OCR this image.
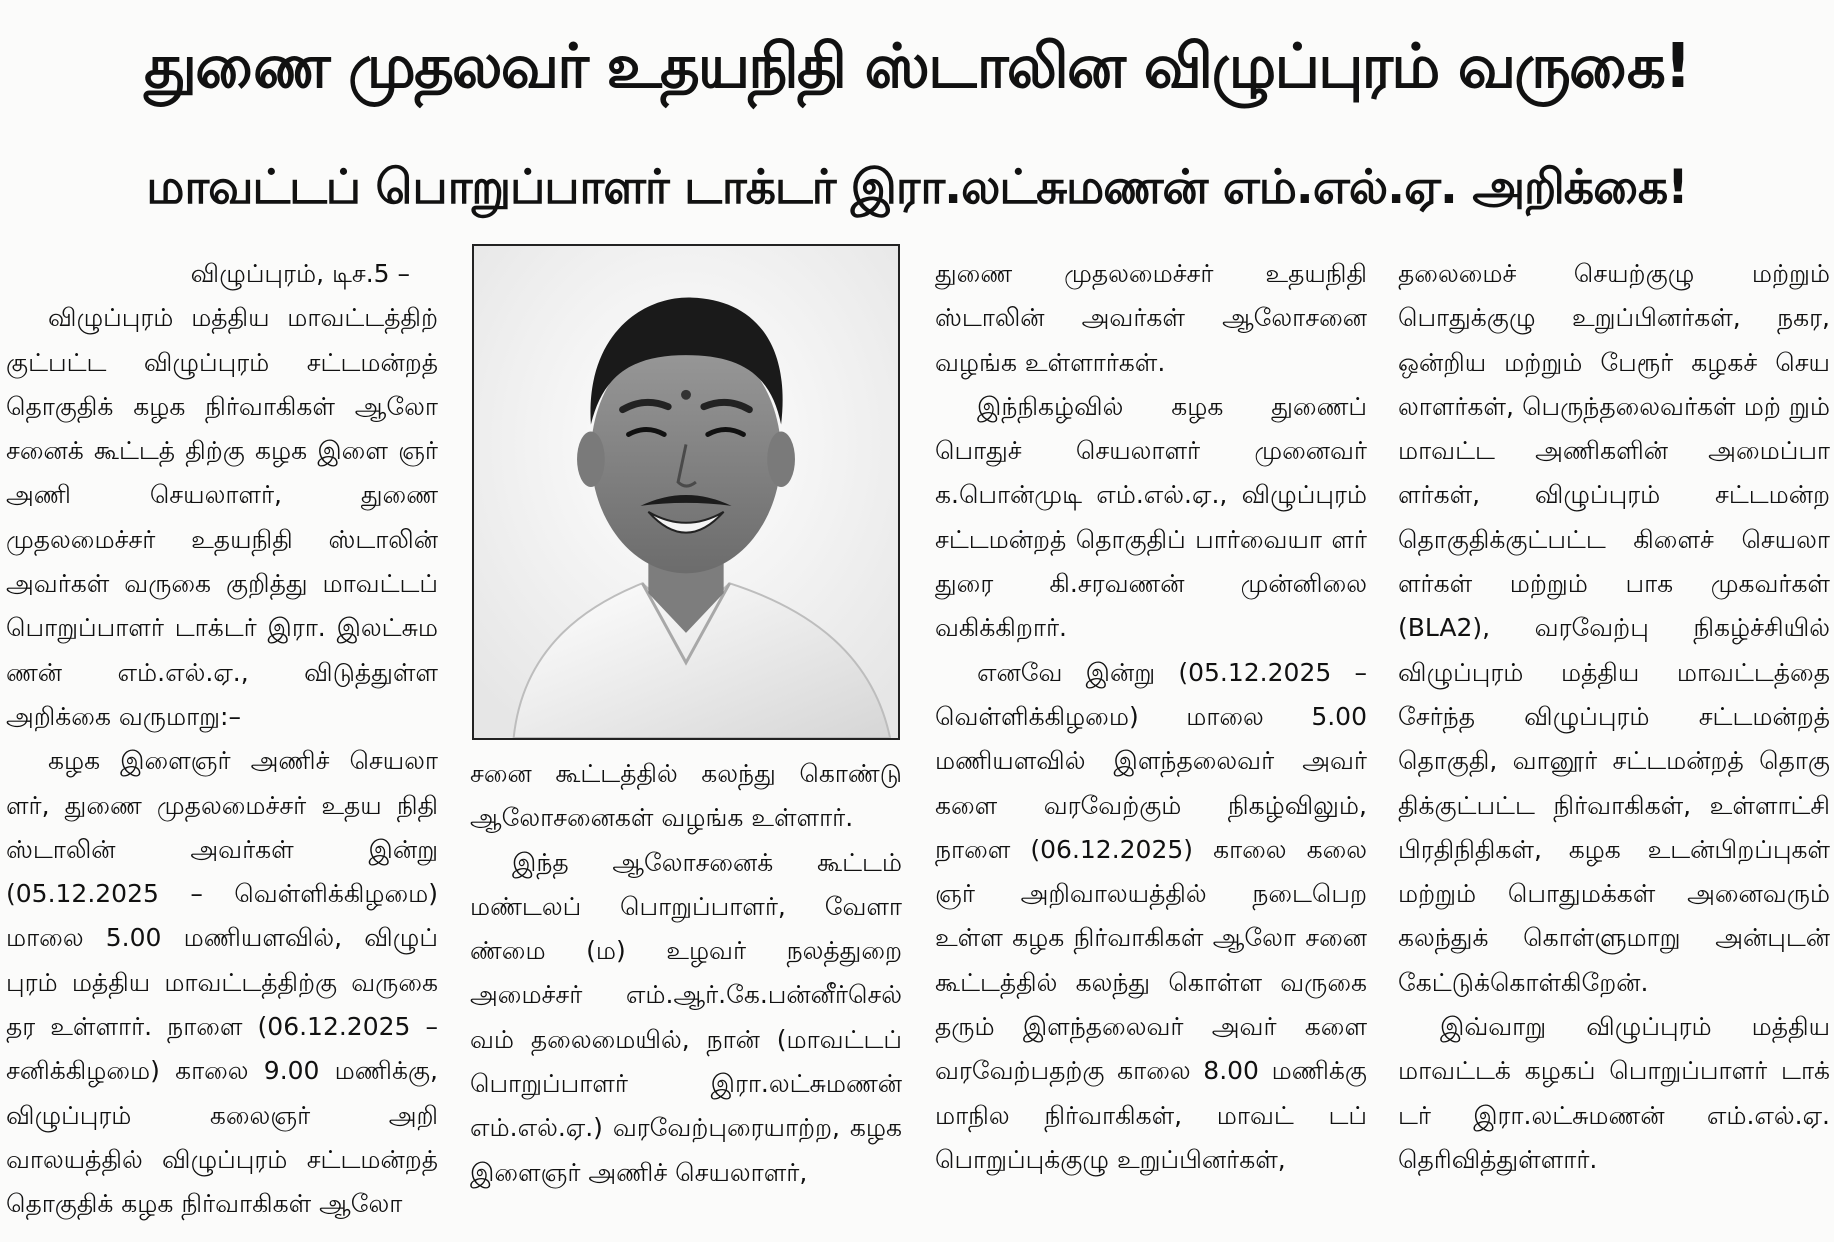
துணை முதலவர் உதயநிதி ஸ்டாலின விழுப்புரம் வருகை!
மாவட்டப் பொறுப்பாளர் டாக்டர் இரா.லட்சுமணன் எம்.எல்.ஏ. அறிக்கை!

விழுப்புரம், டிச.5 –

விழுப்புரம் மத்திய மாவட்டத்திற் குட்பட்ட விழுப்புரம் சட்டமன்றத் தொகுதிக் கழக நிர்வாகிகள் ஆலோ சனைக் கூட்டத் திற்கு கழக இளை ஞர் அணி செயலாளர், துணை முதலமைச்சர் உதயநிதி ஸ்டாலின் அவர்கள் வருகை குறித்து மாவட்டப் பொறுப்பாளர் டாக்டர் இரா. இலட்சும ணன் எம்.எல்.ஏ., விடுத்துள்ள அறிக்கை வருமாறு:–

கழக இளைஞர் அணிச் செயலா ளர், துணை முதலமைச்சர் உதய நிதி ஸ்டாலின் அவர்கள் இன்று (05.12.2025 – வெள்ளிக்கிழமை) மாலை 5.00 மணியளவில், விழுப் புரம் மத்திய மாவட்டத்திற்கு வருகை தர உள்ளார். நாளை (06.12.2025 – சனிக்கிழமை) காலை 9.00 மணிக்கு, விழுப்புரம் கலைஞர் அறி வாலயத்தில் விழுப்புரம் சட்டமன்றத் தொகுதிக் கழக நிர்வாகிகள் ஆலோ

சனை கூட்டத்தில் கலந்து கொண்டு ஆலோசனைகள் வழங்க உள்ளார்.

இந்த ஆலோசனைக் கூட்டம் மண்டலப் பொறுப்பாளர், வேளா ண்மை (ம) உழவர் நலத்துறை அமைச்சர் எம்.ஆர்.கே.பன்னீர்செல் வம் தலைமையில், நான் (மாவட்டப் பொறுப்பாளர் இரா.லட்சுமணன் எம்.எல்.ஏ.) வரவேற்புரையாற்ற, கழக இளைஞர் அணிச் செயலாளர்,

துணை முதலமைச்சர் உதயநிதி ஸ்டாலின் அவர்கள் ஆலோசனை வழங்க உள்ளார்கள்.

இந்நிகழ்வில் கழக துணைப் பொதுச் செயலாளர் முனைவர் க.பொன்முடி எம்.எல்.ஏ., விழுப்புரம் சட்டமன்றத் தொகுதிப் பார்வையா ளர் துரை கி.சரவணன் முன்னிலை வகிக்கிறார்.

எனவே இன்று (05.12.2025 – வெள்ளிக்கிழமை) மாலை 5.00 மணியளவில் இளந்தலைவர் அவர் களை வரவேற்கும் நிகழ்விலும், நாளை (06.12.2025) காலை கலை ஞர் அறிவாலயத்தில் நடைபெற உள்ள கழக நிர்வாகிகள் ஆலோ சனை கூட்டத்தில் கலந்து கொள்ள வருகை தரும் இளந்தலைவர் அவர் களை வரவேற்பதற்கு காலை 8.00 மணிக்கு மாநில நிர்வாகிகள், மாவட் டப் பொறுப்புக்குழு உறுப்பினர்கள்,

தலைமைச் செயற்குழு மற்றும் பொதுக்குழு உறுப்பினர்கள், நகர, ஒன்றிய மற்றும் பேரூர் கழகச் செய லாளர்கள், பெருந்தலைவர்கள் மற் றும் மாவட்ட அணிகளின் அமைப்பா ளர்கள், விழுப்புரம் சட்டமன்ற தொகுதிக்குட்பட்ட கிளைச் செயலா ளர்கள் மற்றும் பாக முகவர்கள் (BLA2), வரவேற்பு நிகழ்ச்சியில் விழுப்புரம் மத்திய மாவட்டத்தை சேர்ந்த விழுப்புரம் சட்டமன்றத் தொகுதி, வானூர் சட்டமன்றத் தொகு திக்குட்பட்ட நிர்வாகிகள், உள்ளாட்சி பிரதிநிதிகள், கழக உடன்பிறப்புகள் மற்றும் பொதுமக்கள் அனைவரும் கலந்துக் கொள்ளுமாறு அன்புடன் கேட்டுக்கொள்கிறேன்.

இவ்வாறு விழுப்புரம் மத்திய மாவட்டக் கழகப் பொறுப்பாளர் டாக் டர் இரா.லட்சுமணன் எம்.எல்.ஏ. தெரிவித்துள்ளார்.
